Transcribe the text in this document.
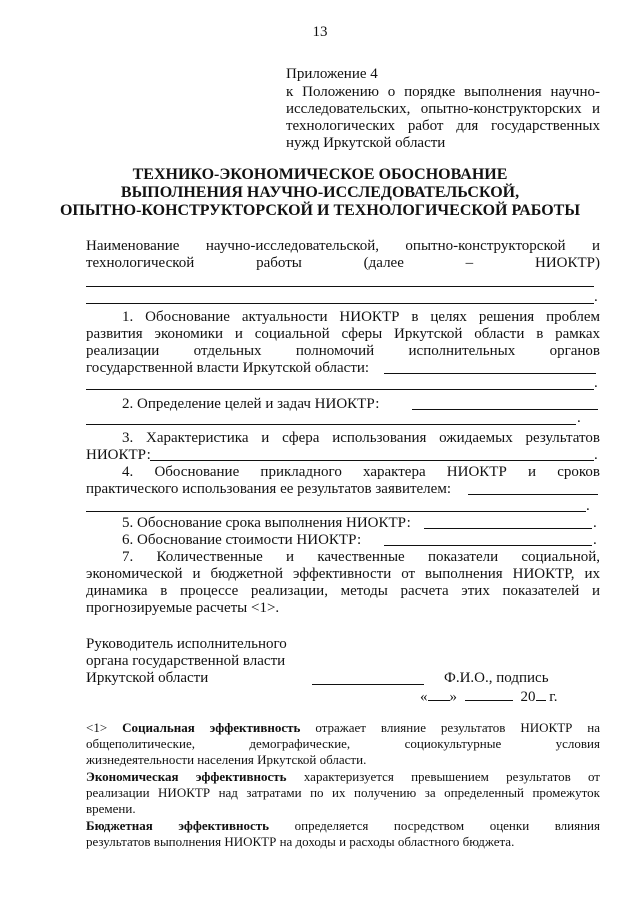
13
Приложение 4
к Положению о порядке выполнения научно-
исследовательских, опытно-конструкторских и
технологических работ для государственных
нужд Иркутской области
ТЕХНИКО-ЭКОНОМИЧЕСКОЕ ОБОСНОВАНИЕ
ВЫПОЛНЕНИЯ НАУЧНО-ИССЛЕДОВАТЕЛЬСКОЙ,
ОПЫТНО-КОНСТРУКТОРСКОЙ И ТЕХНОЛОГИЧЕСКОЙ РАБОТЫ
Наименование научно-исследовательской, опытно-конструкторской и
технологической работы (далее – НИОКТР)
.
1. Обоснование актуальности НИОКТР в целях решения проблем
развития экономики и социальной сферы Иркутской области в рамках
реализации отдельных полномочий исполнительных органов
государственной власти Иркутской области:
.
2. Определение целей и задач НИОКТР:
.
3. Характеристика и сфера использования ожидаемых результатов
НИОКТР:	.
4. Обоснование прикладного характера НИОКТР и сроков
практического использования ее результатов заявителем:
.
5. Обоснование срока выполнения НИОКТР:	.
6. Обоснование стоимости НИОКТР:	.
7. Количественные и качественные показатели социальной,
экономической и бюджетной эффективности от выполнения НИОКТР, их
динамика в процессе реализации, методы расчета этих показателей и
прогнозируемые расчеты <1>.
Руководитель исполнительного
органа государственной власти
Иркутской области	Ф.И.О., подпись
« »	20 г.
<1> Социальная эффективность отражает влияние результатов НИОКТР на
общеполитические, демографические, социокультурные условия
жизнедеятельности населения Иркутской области.
Экономическая эффективность характеризуется превышением результатов от
реализации НИОКТР над затратами по их получению за определенный промежуток
времени.
Бюджетная эффективность определяется посредством оценки влияния
результатов выполнения НИОКТР на доходы и расходы областного бюджета.
